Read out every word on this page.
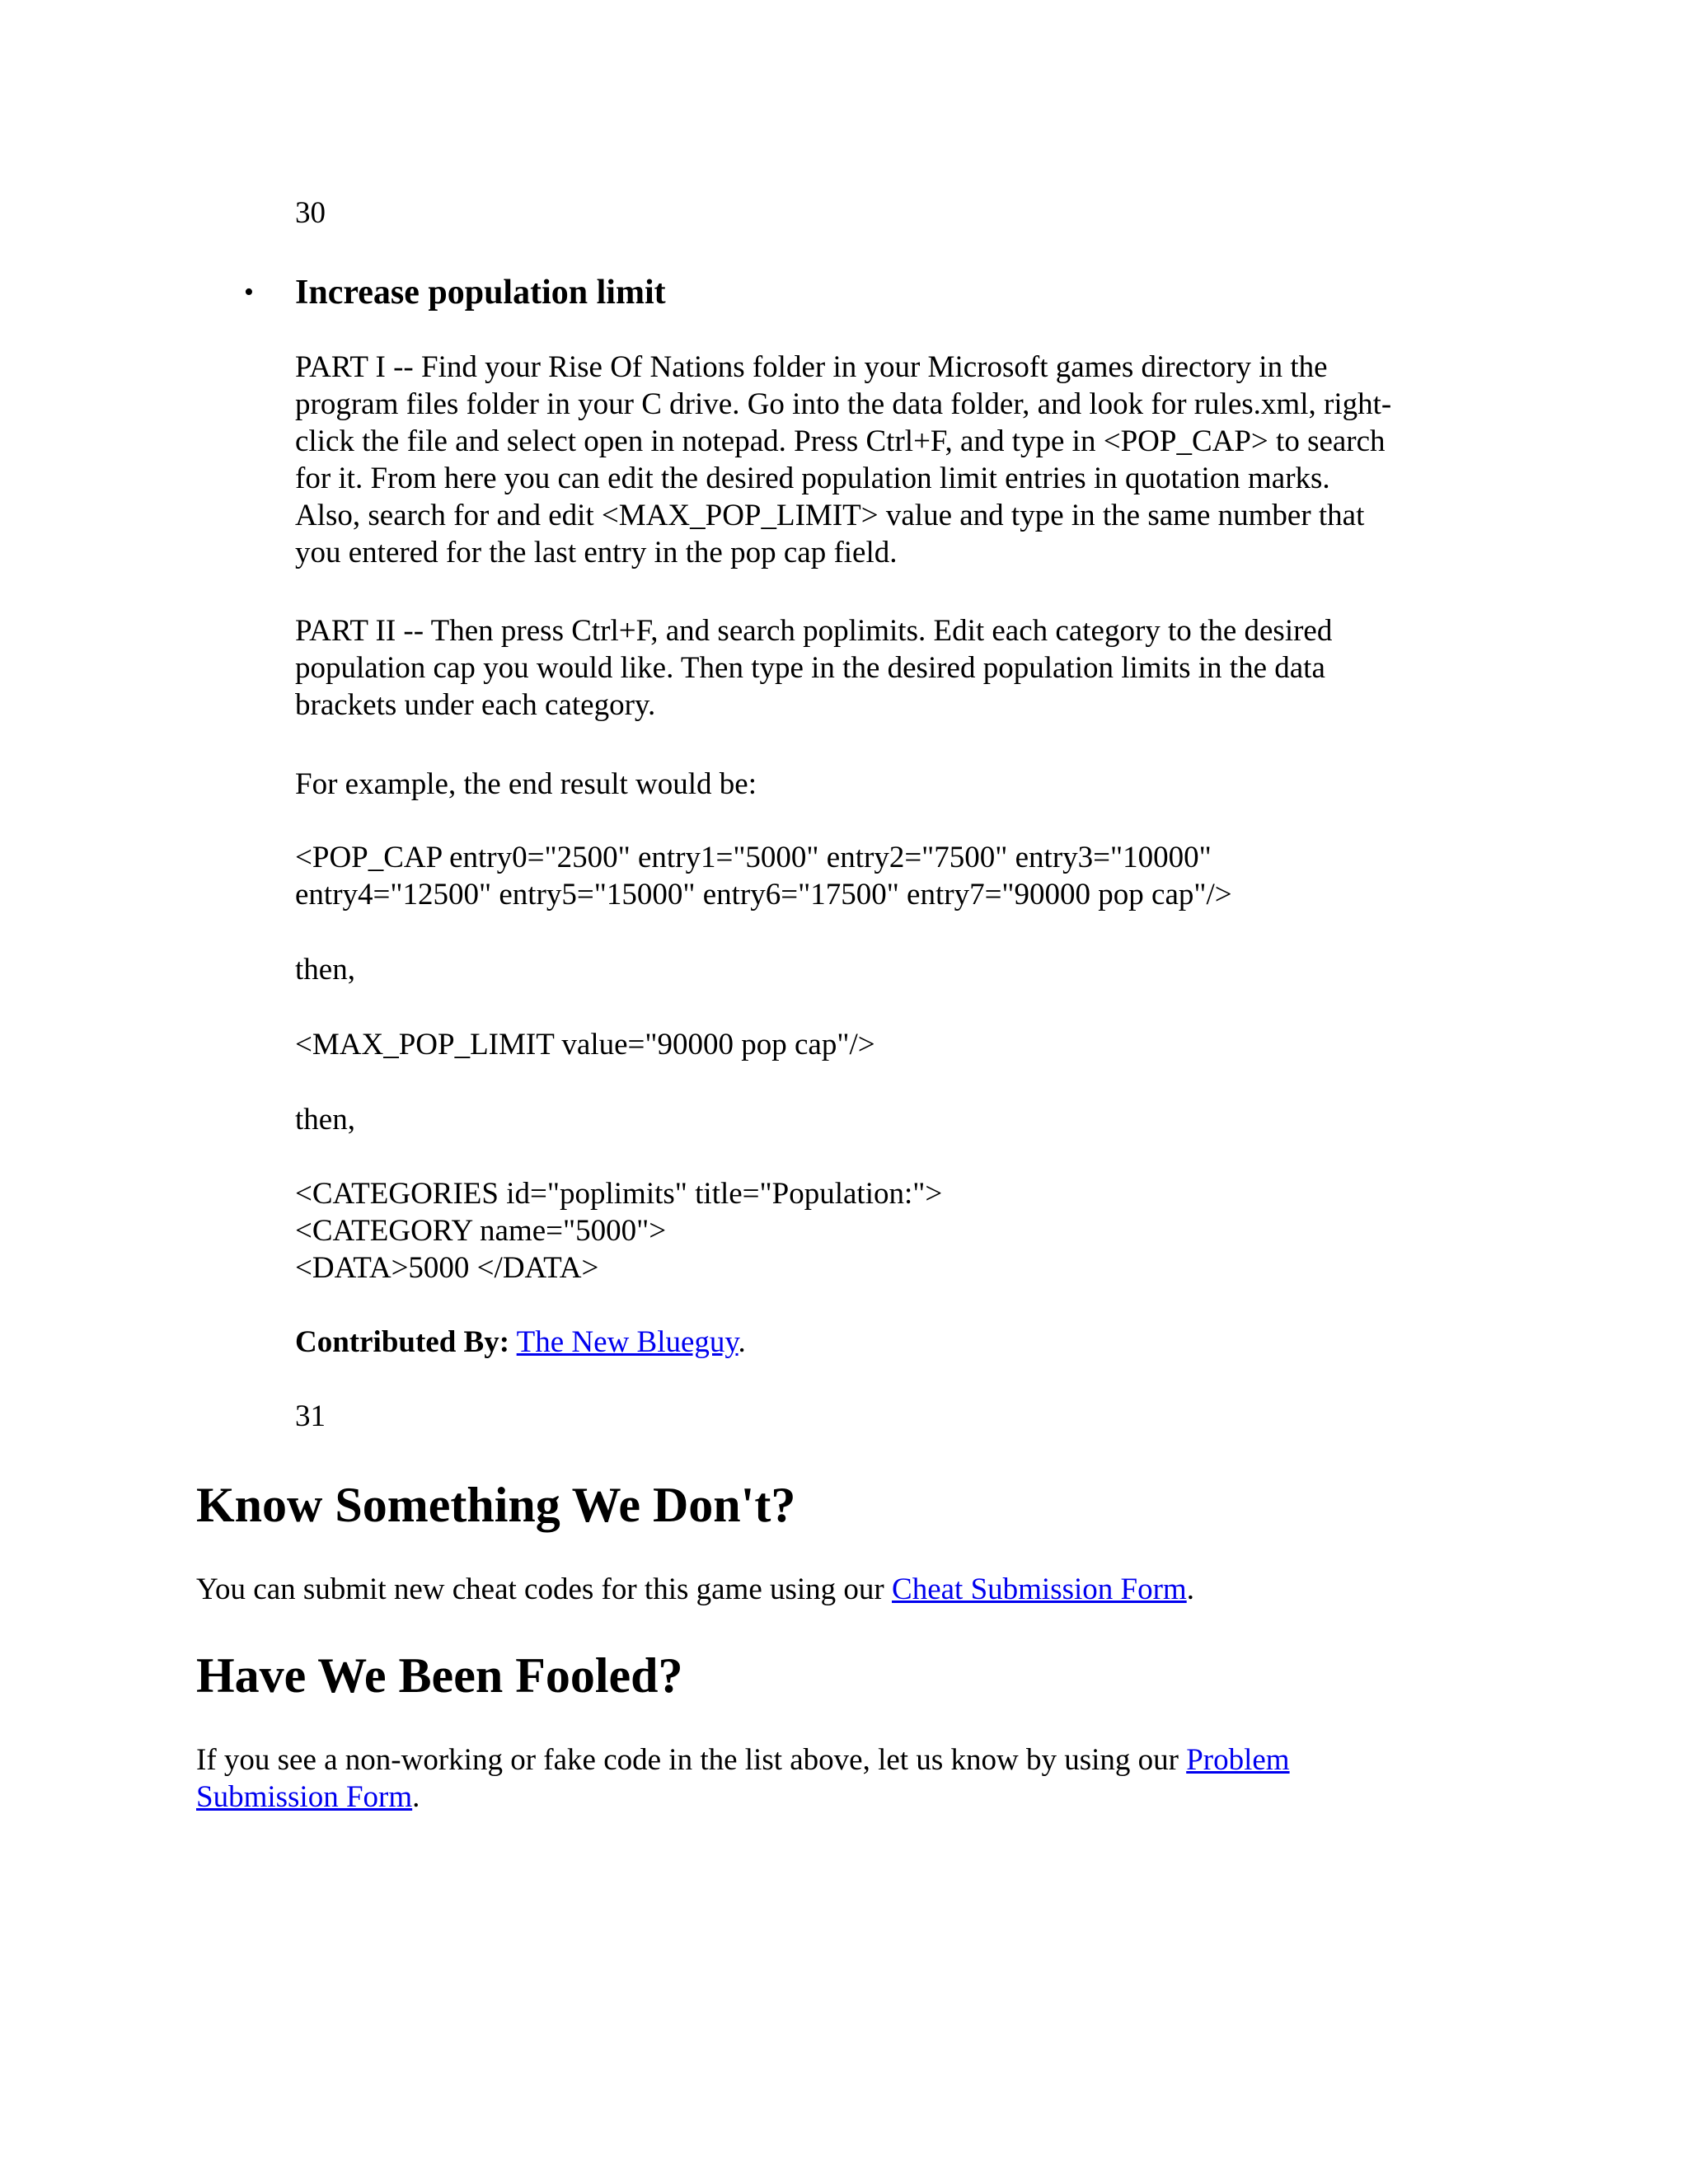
30
• Increase population limit
PART I -- Find your Rise Of Nations folder in your Microsoft games directory in the
program files folder in your C drive. Go into the data folder, and look for rules.xml, right-
click the file and select open in notepad. Press Ctrl+F, and type in <POP_CAP> to search
for it. From here you can edit the desired population limit entries in quotation marks.
Also, search for and edit <MAX_POP_LIMIT> value and type in the same number that
you entered for the last entry in the pop cap field.
PART II -- Then press Ctrl+F, and search poplimits. Edit each category to the desired
population cap you would like. Then type in the desired population limits in the data
brackets under each category.
For example, the end result would be:
<POP_CAP entry0="2500" entry1="5000" entry2="7500" entry3="10000"
entry4="12500" entry5="15000" entry6="17500" entry7="90000 pop cap"/>
then,
<MAX_POP_LIMIT value="90000 pop cap"/>
then,
<CATEGORIES id="poplimits" title="Population:">
<CATEGORY name="5000">
<DATA>5000 </DATA>
Contributed By: The New Blueguy.
31
Know Something We Don't?
You can submit new cheat codes for this game using our Cheat Submission Form.
Have We Been Fooled?
If you see a non-working or fake code in the list above, let us know by using our Problem
Submission Form.
